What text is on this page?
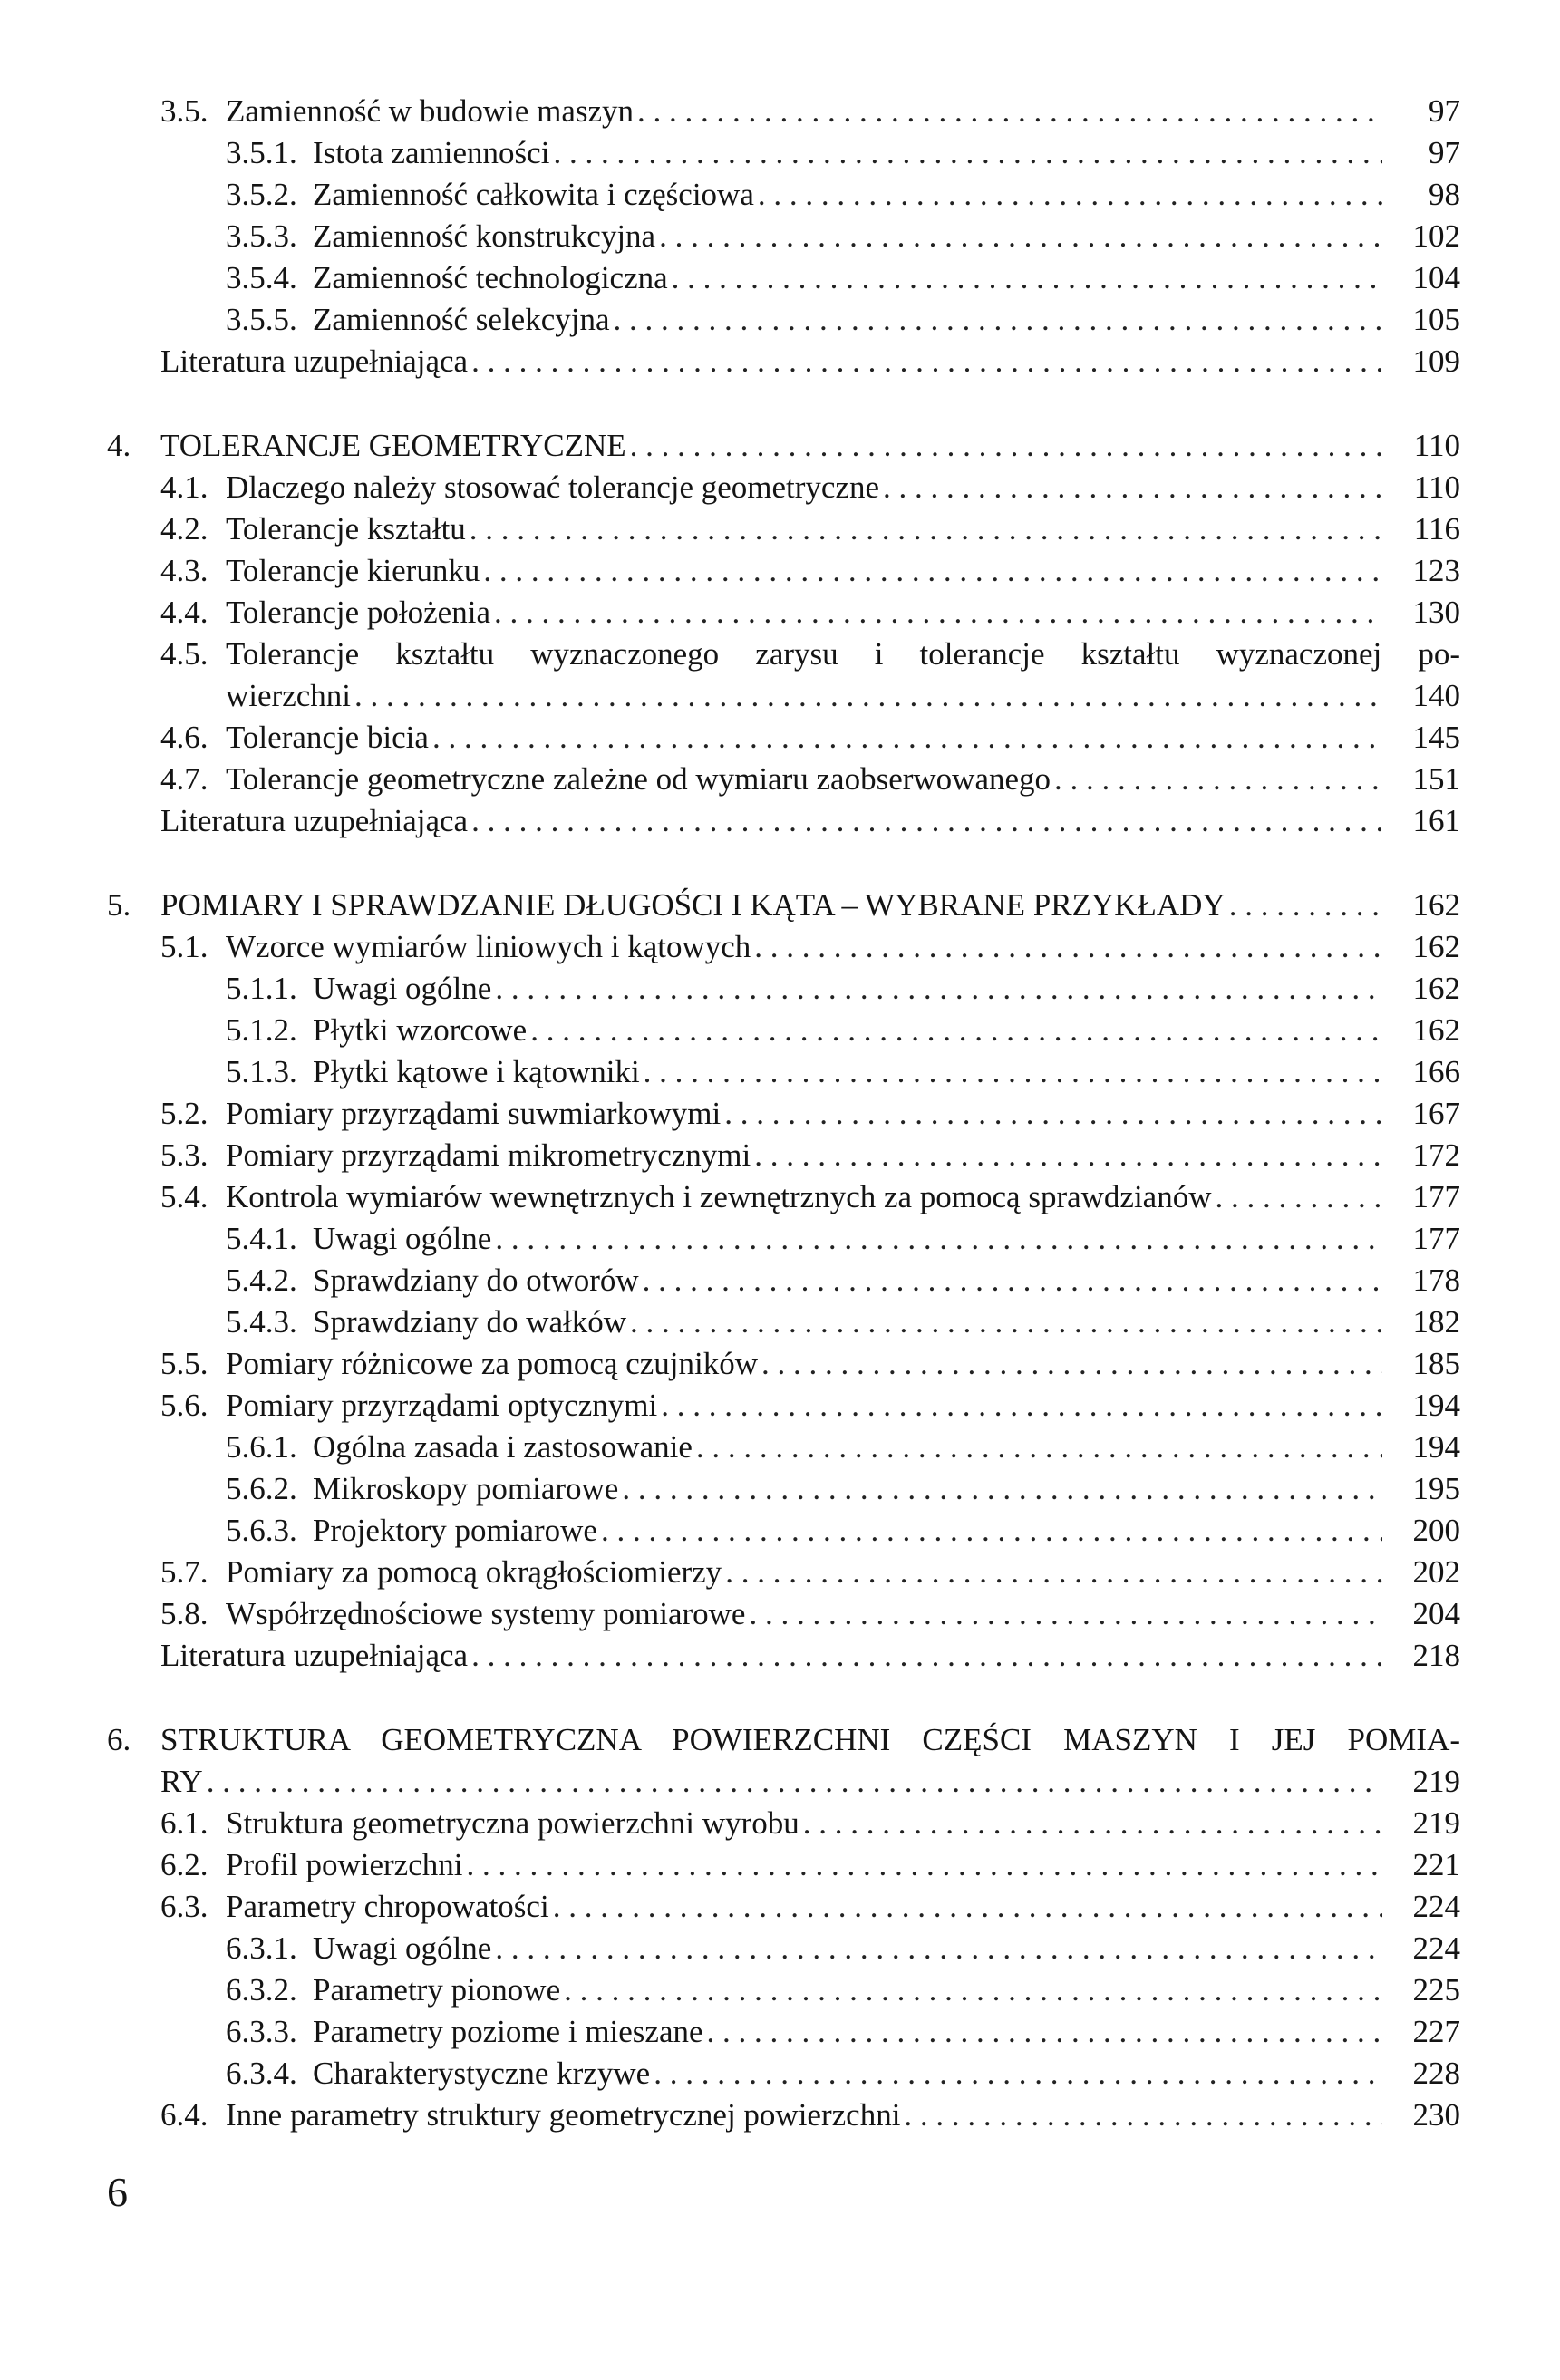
3.5. Zamienność w budowie maszyn . . .	97
3.5.1. Istota zamienności . . .	97
3.5.2. Zamienność całkowita i częściowa . . .	98
3.5.3. Zamienność konstrukcyjna . . .	102
3.5.4. Zamienność technologiczna . . .	104
3.5.5. Zamienność selekcyjna . . .	105
Literatura uzupełniająca . . .	109
4. TOLERANCJE GEOMETRYCZNE . . .	110
4.1. Dlaczego należy stosować tolerancje geometryczne . . .	110
4.2. Tolerancje kształtu . . .	116
4.3. Tolerancje kierunku . . .	123
4.4. Tolerancje położenia . . .	130
4.5. Tolerancje kształtu wyznaczonego zarysu i tolerancje kształtu wyznaczonej po-
wierzchni . . .	140
4.6. Tolerancje bicia . . .	145
4.7. Tolerancje geometryczne zależne od wymiaru zaobserwowanego . . .	151
Literatura uzupełniająca . . .	161
5. POMIARY I SPRAWDZANIE DŁUGOŚCI I KĄTA – WYBRANE PRZYKŁADY . . .	162
5.1. Wzorce wymiarów liniowych i kątowych . . .	162
5.1.1. Uwagi ogólne . . .	162
5.1.2. Płytki wzorcowe . . .	162
5.1.3. Płytki kątowe i kątowniki . . .	166
5.2. Pomiary przyrządami suwmiarkowymi . . .	167
5.3. Pomiary przyrządami mikrometrycznymi . . .	172
5.4. Kontrola wymiarów wewnętrznych i zewnętrznych za pomocą sprawdzianów . . .	177
5.4.1. Uwagi ogólne . . .	177
5.4.2. Sprawdziany do otworów . . .	178
5.4.3. Sprawdziany do wałków . . .	182
5.5. Pomiary różnicowe za pomocą czujników . . .	185
5.6. Pomiary przyrządami optycznymi . . .	194
5.6.1. Ogólna zasada i zastosowanie . . .	194
5.6.2. Mikroskopy pomiarowe . . .	195
5.6.3. Projektory pomiarowe . . .	200
5.7. Pomiary za pomocą okrągłościomierzy . . .	202
5.8. Współrzędnościowe systemy pomiarowe . . .	204
Literatura uzupełniająca . . .	218
6. STRUKTURA GEOMETRYCZNA POWIERZCHNI CZĘŚCI MASZYN I JEJ POMIA-
RY . . .	219
6.1. Struktura geometryczna powierzchni wyrobu . . .	219
6.2. Profil powierzchni . . .	221
6.3. Parametry chropowatości . . .	224
6.3.1. Uwagi ogólne . . .	224
6.3.2. Parametry pionowe . . .	225
6.3.3. Parametry poziome i mieszane . . .	227
6.3.4. Charakterystyczne krzywe . . .	228
6.4. Inne parametry struktury geometrycznej powierzchni . . .	230
6
